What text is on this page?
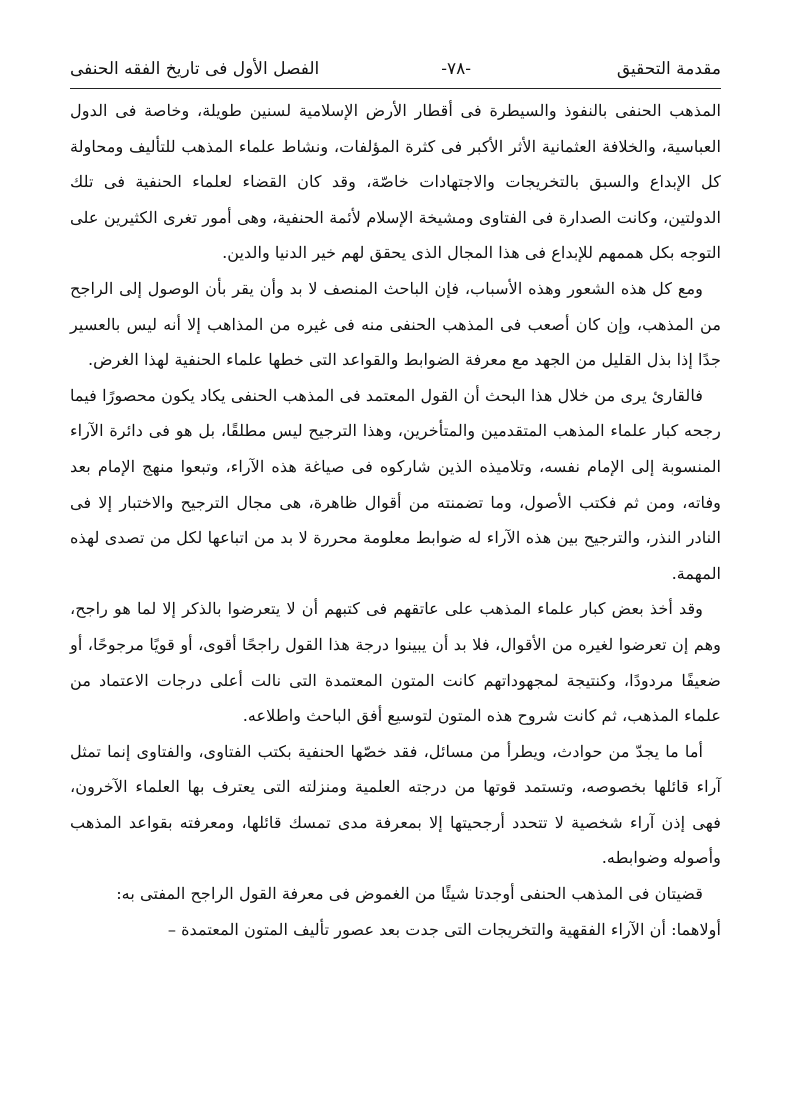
مقدمة التحقيق
-٧٨-
الفصل الأول فى تاريخ الفقه الحنفى

المذهب الحنفى بالنفوذ والسيطرة فى أقطار الأرض الإسلامية لسنين طويلة، وخاصة فى الدول العباسية، والخلافة العثمانية الأثر الأكبر فى كثرة المؤلفات، ونشاط علماء المذهب للتأليف ومحاولة كل الإبداع والسبق بالتخريجات والاجتهادات خاصّة، وقد كان القضاء لعلماء الحنفية فى تلك الدولتين، وكانت الصدارة فى الفتاوى ومشيخة الإسلام لأئمة الحنفية، وهى أمور تغرى الكثيرين على التوجه بكل هممهم للإبداع فى هذا المجال الذى يحقق لهم خير الدنيا والدين.

ومع كل هذه الشعور وهذه الأسباب، فإن الباحث المنصف لا بد وأن يقر بأن الوصول إلى الراجح من المذهب، وإن كان أصعب فى المذهب الحنفى منه فى غيره من المذاهب إلا أنه ليس بالعسير جدًا إذا بذل القليل من الجهد مع معرفة الضوابط والقواعد التى خطها علماء الحنفية لهذا الغرض.

فالقارئ يرى من خلال هذا البحث أن القول المعتمد فى المذهب الحنفى يكاد يكون محصورًا فيما رجحه كبار علماء المذهب المتقدمين والمتأخرين، وهذا الترجيح ليس مطلقًا، بل هو فى دائرة الآراء المنسوبة إلى الإمام نفسه، وتلاميذه الذين شاركوه فى صياغة هذه الآراء، وتبعوا منهج الإمام بعد وفاته، ومن ثم فكتب الأصول، وما تضمنته من أقوال ظاهرة، هى مجال الترجيح والاختبار إلا فى النادر النذر، والترجيح بين هذه الآراء له ضوابط معلومة محررة لا بد من اتباعها لكل من تصدى لهذه المهمة.

وقد أخذ بعض كبار علماء المذهب على عاتقهم فى كتبهم أن لا يتعرضوا بالذكر إلا لما هو راجح، وهم إن تعرضوا لغيره من الأقوال، فلا بد أن يبينوا درجة هذا القول راجحًا أقوى، أو قويًا مرجوحًا، أو ضعيفًا مردودًا، وكنتيجة لمجهوداتهم كانت المتون المعتمدة التى نالت أعلى درجات الاعتماد من علماء المذهب، ثم كانت شروح هذه المتون لتوسيع أفق الباحث واطلاعه.

أما ما يجدّ من حوادث، ويطرأ من مسائل، فقد خصّها الحنفية بكتب الفتاوى، والفتاوى إنما تمثل آراء قائلها بخصوصه، وتستمد قوتها من درجته العلمية ومنزلته التى يعترف بها العلماء الآخرون، فهى إذن آراء شخصية لا تتحدد أرجحيتها إلا بمعرفة مدى تمسك قائلها، ومعرفته بقواعد المذهب وأصوله وضوابطه.

قضيتان فى المذهب الحنفى أوجدتا شيئًا من الغموض فى معرفة القول الراجح المفتى به:

أولاهما: أن الآراء الفقهية والتخريجات التى جدت بعد عصور تأليف المتون المعتمدة –
